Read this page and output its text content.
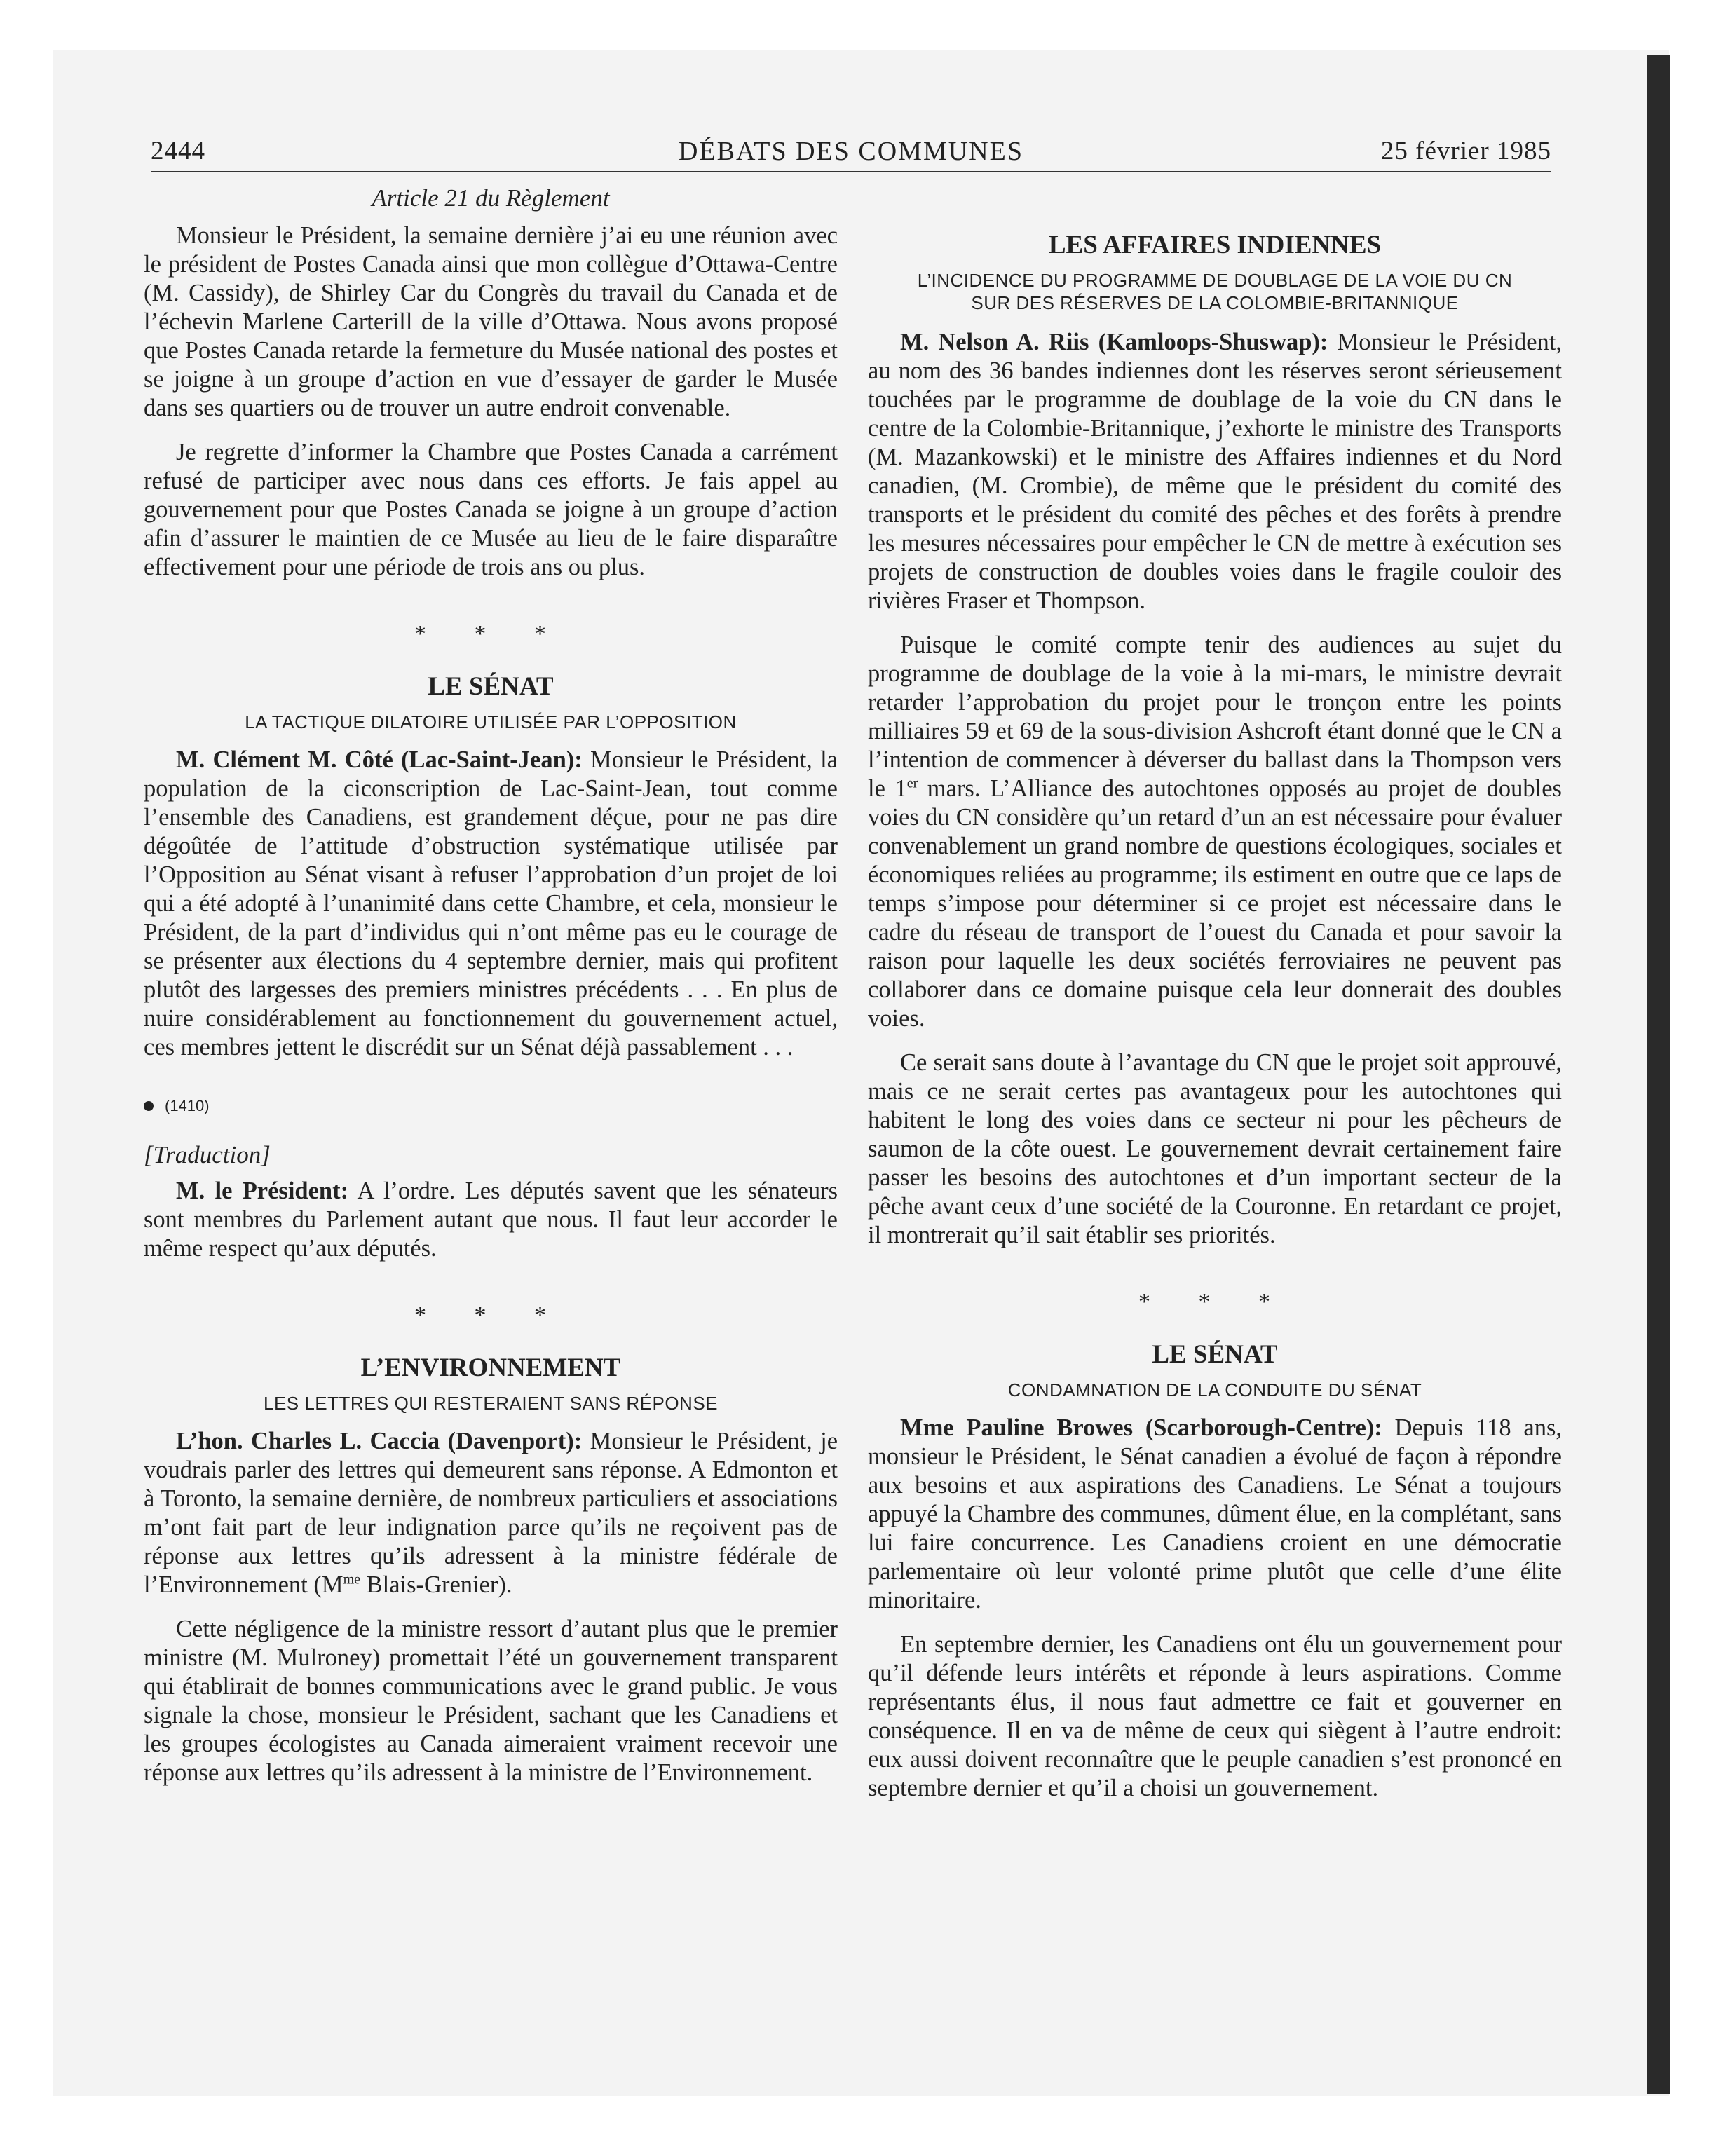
2444	DÉBATS DES COMMUNES	25 février 1985
Article 21 du Règlement

Monsieur le Président, la semaine dernière j’ai eu une réunion avec le président de Postes Canada ainsi que mon collègue d’Ottawa-Centre (M. Cassidy), de Shirley Car du Congrès du travail du Canada et de l’échevin Marlene Carterill de la ville d’Ottawa. Nous avons proposé que Postes Canada retarde la fermeture du Musée national des postes et se joigne à un groupe d’action en vue d’essayer de garder le Musée dans ses quartiers ou de trouver un autre endroit convenable.

Je regrette d’informer la Chambre que Postes Canada a carrément refusé de participer avec nous dans ces efforts. Je fais appel au gouvernement pour que Postes Canada se joigne à un groupe d’action afin d’assurer le maintien de ce Musée au lieu de le faire disparaître effectivement pour une période de trois ans ou plus.

* * *
LE SÉNAT
LA TACTIQUE DILATOIRE UTILISÉE PAR L’OPPOSITION

M. Clément M. Côté (Lac-Saint-Jean): Monsieur le Président, la population de la ciconscription de Lac-Saint-Jean, tout comme l’ensemble des Canadiens, est grandement déçue, pour ne pas dire dégoûtée de l’attitude d’obstruction systématique utilisée par l’Opposition au Sénat visant à refuser l’approbation d’un projet de loi qui a été adopté à l’unanimité dans cette Chambre, et cela, monsieur le Président, de la part d’individus qui n’ont même pas eu le courage de se présenter aux élections du 4 septembre dernier, mais qui profitent plutôt des largesses des premiers ministres précédents . . . En plus de nuire considérablement au fonctionnement du gouvernement actuel, ces membres jettent le discrédit sur un Sénat déjà passablement . . .

(1410)
[Traduction]

M. le Président: A l’ordre. Les députés savent que les sénateurs sont membres du Parlement autant que nous. Il faut leur accorder le même respect qu’aux députés.

* * *
L’ENVIRONNEMENT
LES LETTRES QUI RESTERAIENT SANS RÉPONSE

L’hon. Charles L. Caccia (Davenport): Monsieur le Président, je voudrais parler des lettres qui demeurent sans réponse. A Edmonton et à Toronto, la semaine dernière, de nombreux particuliers et associations m’ont fait part de leur indignation parce qu’ils ne reçoivent pas de réponse aux lettres qu’ils adressent à la ministre fédérale de l’Environnement ($M^{me}$ Blais-Grenier).

Cette négligence de la ministre ressort d’autant plus que le premier ministre (M. Mulroney) promettait l’été un gouvernement transparent qui établirait de bonnes communications avec le grand public. Je vous signale la chose, monsieur le Président, sachant que les Canadiens et les groupes écologistes au Canada aimeraient vraiment recevoir une réponse aux lettres qu’ils adressent à la ministre de l’Environnement.

LES AFFAIRES INDIENNES
L’INCIDENCE DU PROGRAMME DE DOUBLAGE DE LA VOIE DU CN
SUR DES RÉSERVES DE LA COLOMBIE-BRITANNIQUE

M. Nelson A. Riis (Kamloops-Shuswap): Monsieur le Président, au nom des 36 bandes indiennes dont les réserves seront sérieusement touchées par le programme de doublage de la voie du CN dans le centre de la Colombie-Britannique, j’exhorte le ministre des Transports (M. Mazankowski) et le ministre des Affaires indiennes et du Nord canadien, (M. Crombie), de même que le président du comité des transports et le président du comité des pêches et des forêts à prendre les mesures nécessaires pour empêcher le CN de mettre à exécution ses projets de construction de doubles voies dans le fragile couloir des rivières Fraser et Thompson.

Puisque le comité compte tenir des audiences au sujet du programme de doublage de la voie à la mi-mars, le ministre devrait retarder l’approbation du projet pour le tronçon entre les points milliaires 59 et 69 de la sous-division Ashcroft étant donné que le CN a l’intention de commencer à déverser du ballast dans la Thompson vers le 1er mars. L’Alliance des autochtones opposés au projet de doubles voies du CN considère qu’un retard d’un an est nécessaire pour évaluer convenablement un grand nombre de questions écologiques, sociales et économiques reliées au programme; ils estiment en outre que ce laps de temps s’impose pour déterminer si ce projet est nécessaire dans le cadre du réseau de transport de l’ouest du Canada et pour savoir la raison pour laquelle les deux sociétés ferroviaires ne peuvent pas collaborer dans ce domaine puisque cela leur donnerait des doubles voies.

Ce serait sans doute à l’avantage du CN que le projet soit approuvé, mais ce ne serait certes pas avantageux pour les autochtones qui habitent le long des voies dans ce secteur ni pour les pêcheurs de saumon de la côte ouest. Le gouvernement devrait certainement faire passer les besoins des autochtones et d’un important secteur de la pêche avant ceux d’une société de la Couronne. En retardant ce projet, il montrerait qu’il sait établir ses priorités.

* * *
LE SÉNAT
CONDAMNATION DE LA CONDUITE DU SÉNAT

Mme Pauline Browes (Scarborough-Centre): Depuis 118 ans, monsieur le Président, le Sénat canadien a évolué de façon à répondre aux besoins et aux aspirations des Canadiens. Le Sénat a toujours appuyé la Chambre des communes, dûment élue, en la complétant, sans lui faire concurrence. Les Canadiens croient en une démocratie parlementaire où leur volonté prime plutôt que celle d’une élite minoritaire.

En septembre dernier, les Canadiens ont élu un gouvernement pour qu’il défende leurs intérêts et réponde à leurs aspirations. Comme représentants élus, il nous faut admettre ce fait et gouverner en conséquence. Il en va de même de ceux qui siègent à l’autre endroit: eux aussi doivent reconnaître que le peuple canadien s’est prononcé en septembre dernier et qu’il a choisi un gouvernement.
